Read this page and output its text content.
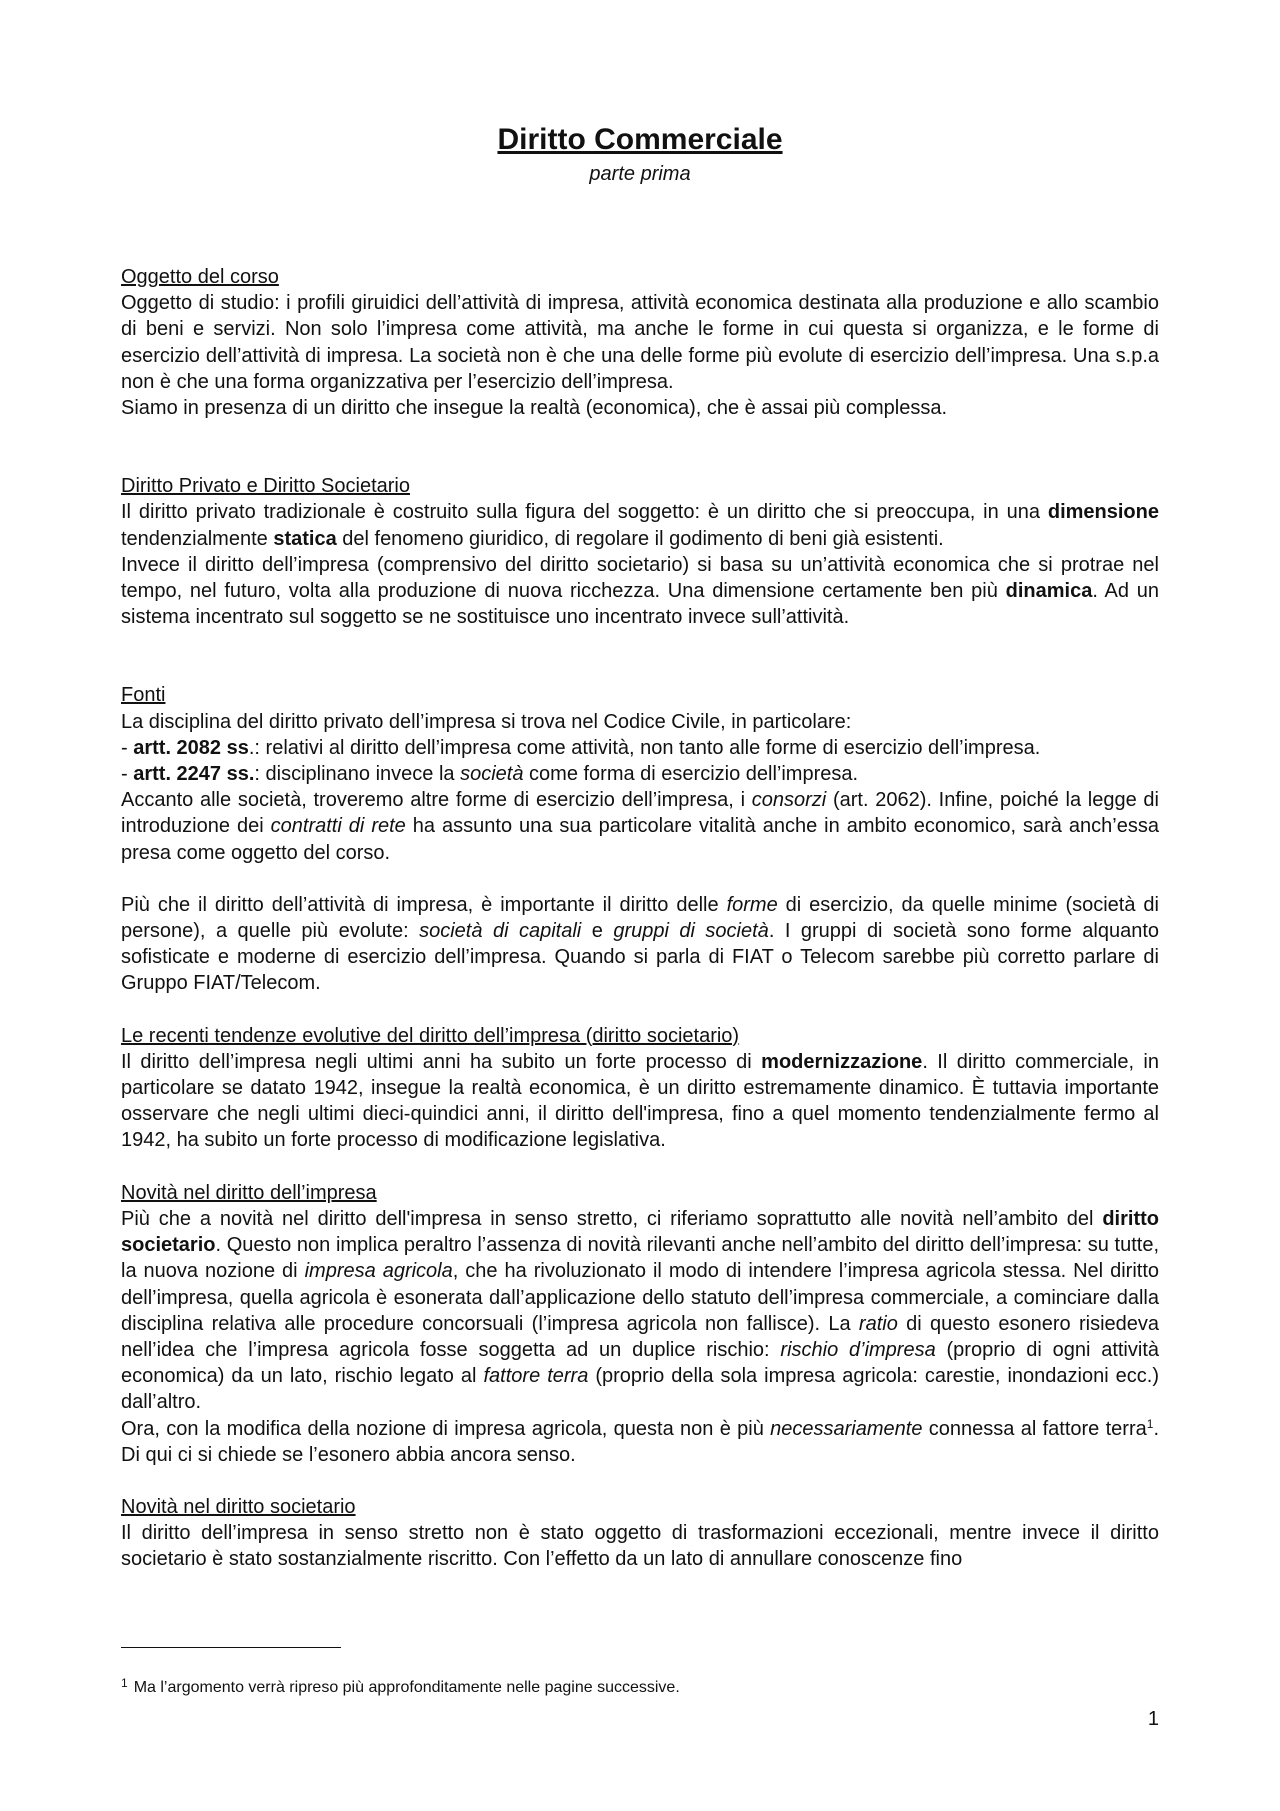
Diritto Commerciale
parte prima
Oggetto del corso

Oggetto di studio: i profili giruidici dell’attività di impresa, attività economica destinata alla produzione e allo scambio di beni e servizi. Non solo l’impresa come attività, ma anche le forme in cui questa si organizza, e le forme di esercizio dell’attività di impresa. La società non è che una delle forme più evolute di esercizio dell’impresa. Una s.p.a non è che una forma organizzativa per l’esercizio dell’impresa.

Siamo in presenza di un diritto che insegue la realtà (economica), che è assai più complessa.

Diritto Privato e Diritto Societario

Il diritto privato tradizionale è costruito sulla figura del soggetto: è un diritto che si preoccupa, in una dimensione tendenzialmente statica del fenomeno giuridico, di regolare il godimento di beni già esistenti.

Invece il diritto dell’impresa (comprensivo del diritto societario) si basa su un’attività economica che si protrae nel tempo, nel futuro, volta alla produzione di nuova ricchezza. Una dimensione certamente ben più dinamica. Ad un sistema incentrato sul soggetto se ne sostituisce uno incentrato invece sull’attività.

Fonti

La disciplina del diritto privato dell’impresa si trova nel Codice Civile, in particolare:

- artt. 2082 ss.: relativi al diritto dell’impresa come attività, non tanto alle forme di esercizio dell’impresa.

- artt. 2247 ss.: disciplinano invece la società come forma di esercizio dell’impresa.

Accanto alle società, troveremo altre forme di esercizio dell’impresa, i consorzi (art. 2062). Infine, poiché la legge di introduzione dei contratti di rete ha assunto una sua particolare vitalità anche in ambito economico, sarà anch’essa presa come oggetto del corso.

Più che il diritto dell’attività di impresa, è importante il diritto delle forme di esercizio, da quelle minime (società di persone), a quelle più evolute: società di capitali e gruppi di società. I gruppi di società sono forme alquanto sofisticate e moderne di esercizio dell’impresa. Quando si parla di FIAT o Telecom sarebbe più corretto parlare di Gruppo FIAT/Telecom.

Le recenti tendenze evolutive del diritto dell’impresa (diritto societario)

Il diritto dell’impresa negli ultimi anni ha subito un forte processo di modernizzazione. Il diritto commerciale, in particolare se datato 1942, insegue la realtà economica, è un diritto estremamente dinamico. È tuttavia importante osservare che negli ultimi dieci-quindici anni, il diritto dell'impresa, fino a quel momento tendenzialmente fermo al 1942, ha subito un forte processo di modificazione legislativa.

Novità nel diritto dell’impresa

Più che a novità nel diritto dell'impresa in senso stretto, ci riferiamo soprattutto alle novità nell’ambito del diritto societario. Questo non implica peraltro l’assenza di novità rilevanti anche nell’ambito del diritto dell’impresa: su tutte, la nuova nozione di impresa agricola, che ha rivoluzionato il modo di intendere l’impresa agricola stessa. Nel diritto dell’impresa, quella agricola è esonerata dall’applicazione dello statuto dell’impresa commerciale, a cominciare dalla disciplina relativa alle procedure concorsuali (l’impresa agricola non fallisce). La ratio di questo esonero risiedeva nell’idea che l’impresa agricola fosse soggetta ad un duplice rischio: rischio d’impresa (proprio di ogni attività economica) da un lato, rischio legato al fattore terra (proprio della sola impresa agricola: carestie, inondazioni ecc.) dall’altro.

Ora, con la modifica della nozione di impresa agricola, questa non è più necessariamente connessa al fattore terra$^1$. Di qui ci si chiede se l’esonero abbia ancora senso.

Novità nel diritto societario

Il diritto dell’impresa in senso stretto non è stato oggetto di trasformazioni eccezionali, mentre invece il diritto societario è stato sostanzialmente riscritto. Con l’effetto da un lato di annullare conoscenze fino

$^1$ Ma l’argomento verrà ripreso più approfonditamente nelle pagine successive.
1
